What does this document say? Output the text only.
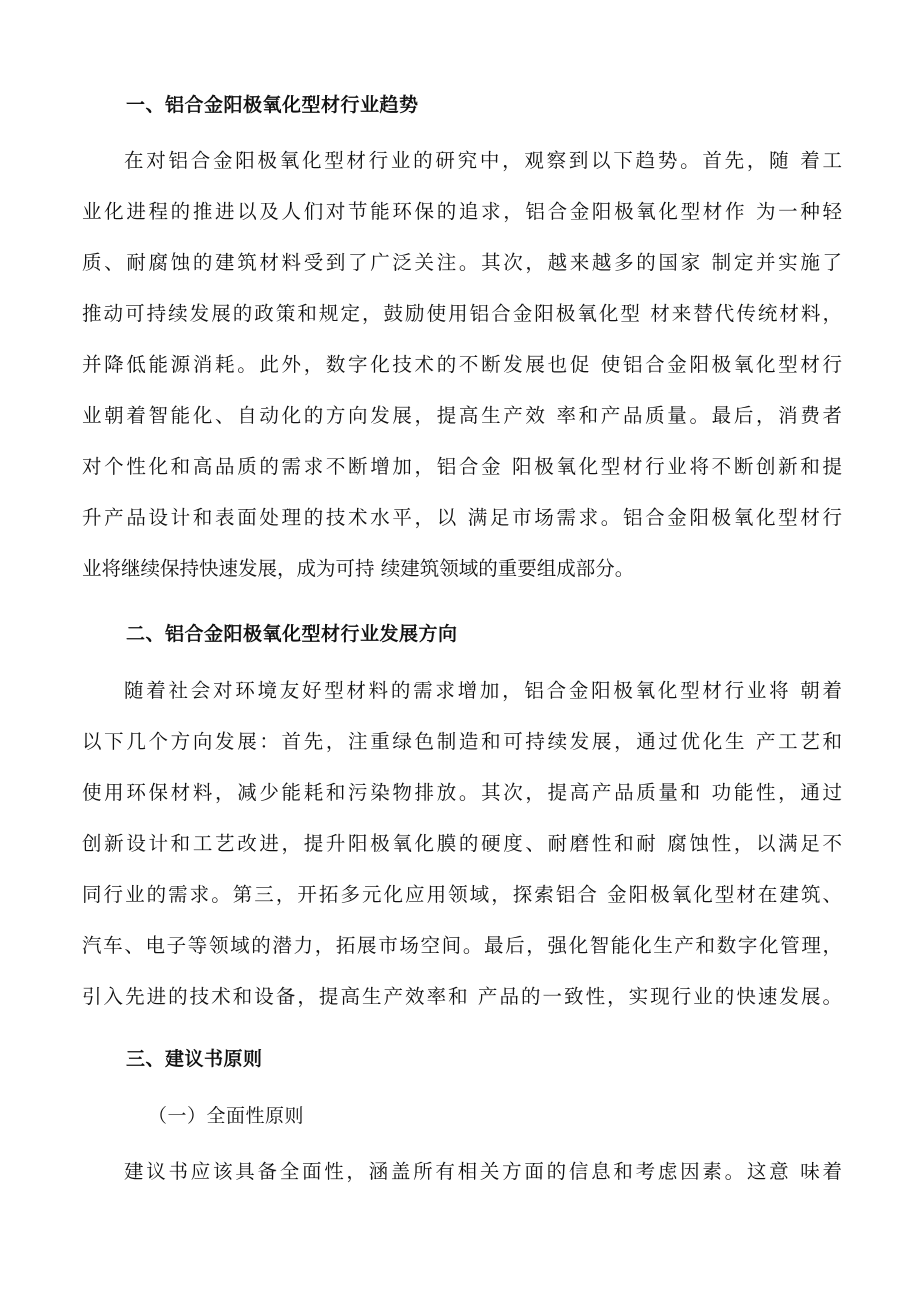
一、铝合金阳极氧化型材行业趋势
在对铝合金阳极氧化型材行业的研究中，观察到以下趋势。首先，随 着工
业化进程的推进以及人们对节能环保的追求，铝合金阳极氧化型材作 为一种轻
质、耐腐蚀的建筑材料受到了广泛关注。其次，越来越多的国家 制定并实施了
推动可持续发展的政策和规定，鼓励使用铝合金阳极氧化型 材来替代传统材料，
并降低能源消耗。此外，数字化技术的不断发展也促 使铝合金阳极氧化型材行
业朝着智能化、自动化的方向发展，提高生产效 率和产品质量。最后，消费者
对个性化和高品质的需求不断增加，铝合金 阳极氧化型材行业将不断创新和提
升产品设计和表面处理的技术水平，以 满足市场需求。铝合金阳极氧化型材行
业将继续保持快速发展，成为可持 续建筑领域的重要组成部分。
二、铝合金阳极氧化型材行业发展方向
随着社会对环境友好型材料的需求增加，铝合金阳极氧化型材行业将 朝着
以下几个方向发展：首先，注重绿色制造和可持续发展，通过优化生 产工艺和
使用环保材料，减少能耗和污染物排放。其次，提高产品质量和 功能性，通过
创新设计和工艺改进，提升阳极氧化膜的硬度、耐磨性和耐 腐蚀性，以满足不
同行业的需求。第三，开拓多元化应用领域，探索铝合 金阳极氧化型材在建筑、
汽车、电子等领域的潜力，拓展市场空间。最后，强化智能化生产和数字化管理，
引入先进的技术和设备，提高生产效率和 产品的一致性，实现行业的快速发展。
三、建议书原则
（一）全面性原则
建议书应该具备全面性，涵盖所有相关方面的信息和考虑因素。这意 味着
